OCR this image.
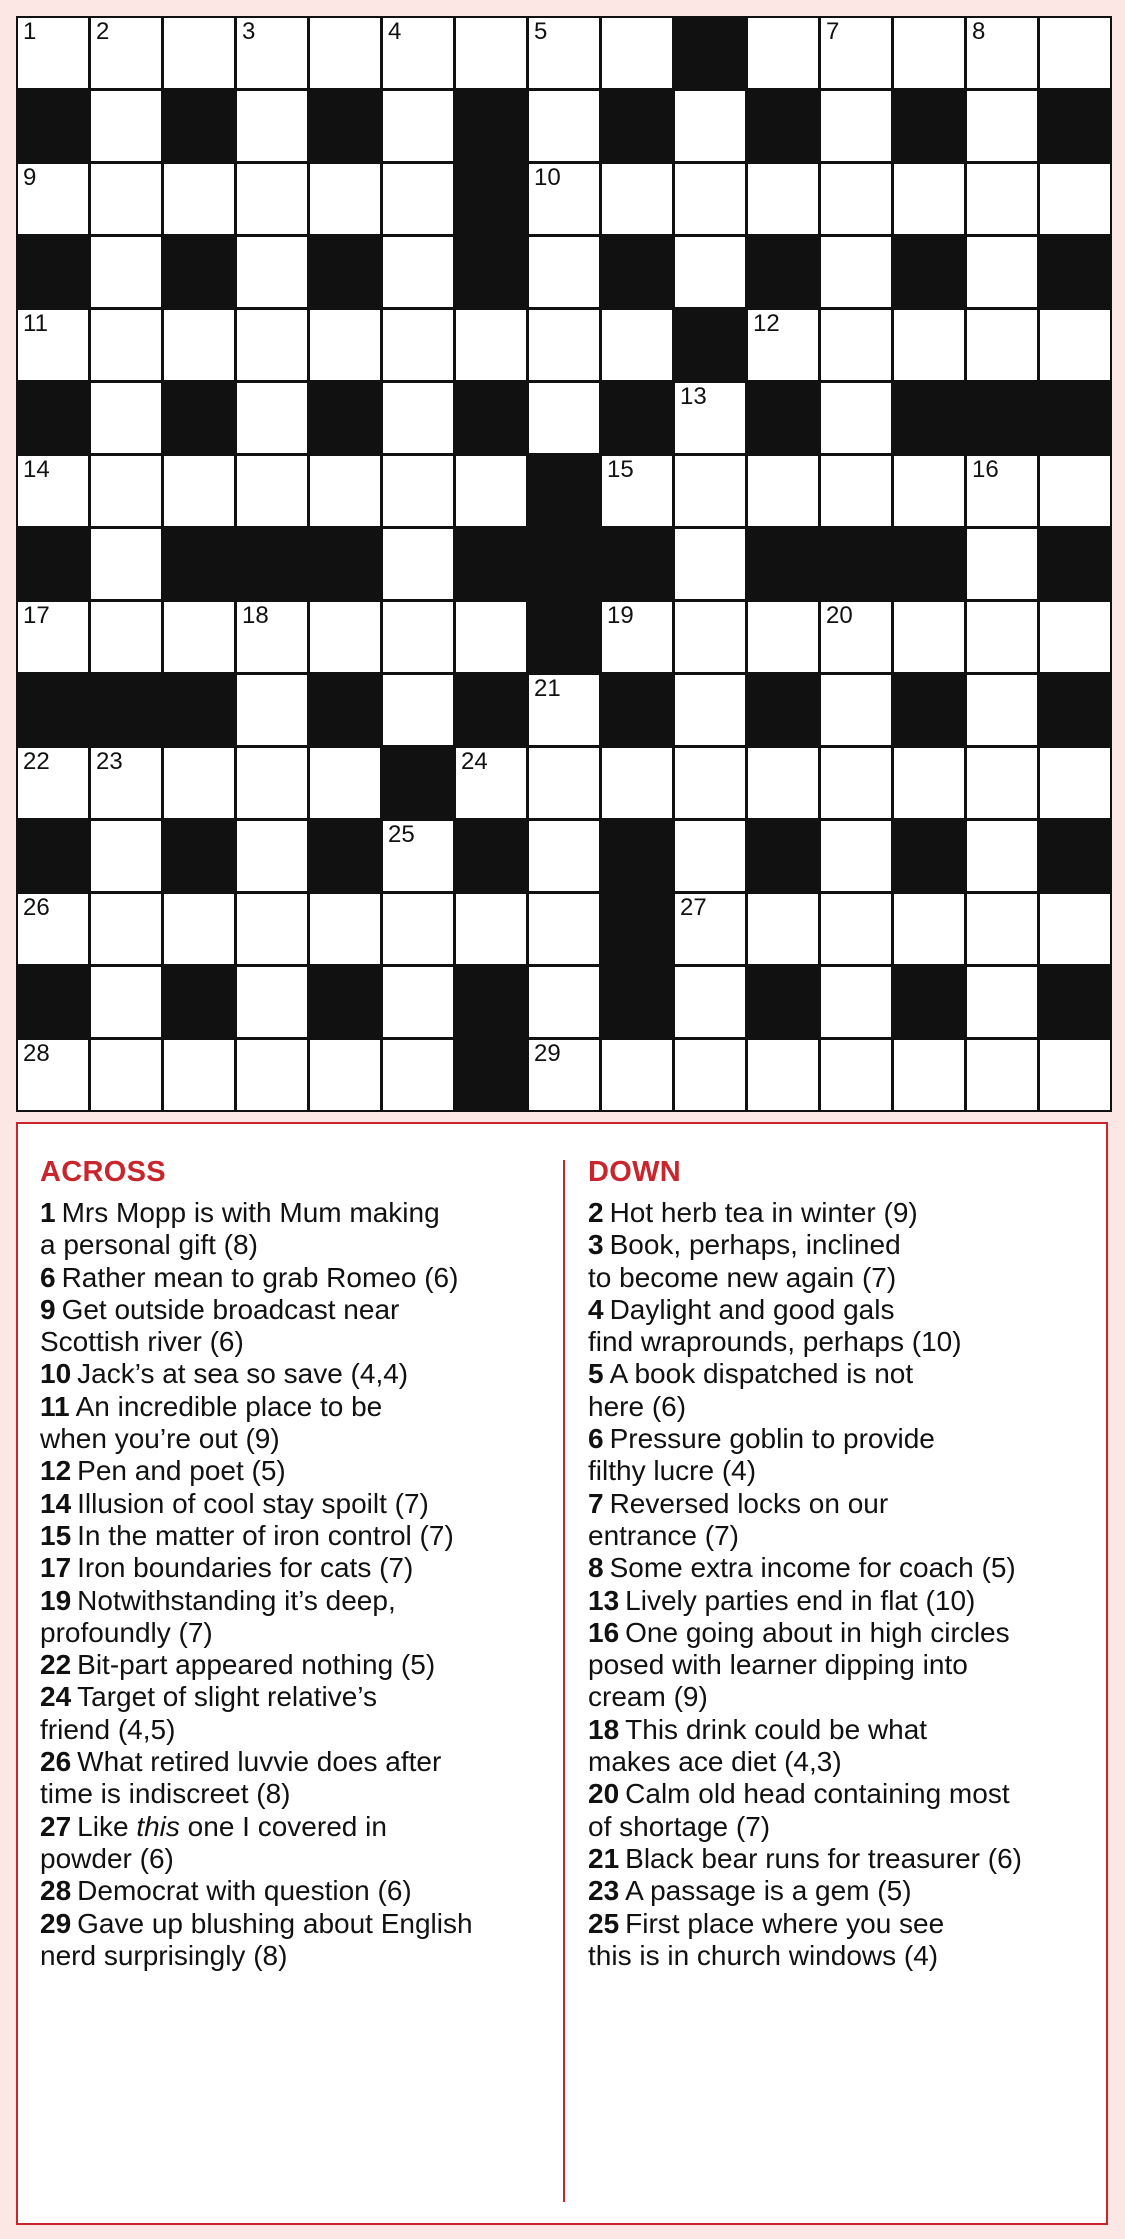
1 2	3	4	5	7	8
9	10
11	12
13
14	15	16
17	18	19	20
21
22 23	24
25
26	27
28	29
ACROSS

1 Mrs Mopp is with Mum making

a personal gift (8)

6 Rather mean to grab Romeo (6)

9 Get outside broadcast near

Scottish river (6)

10 Jack’s at sea so save (4,4)

11 An incredible place to be

when you’re out (9)

12 Pen and poet (5)

14 Illusion of cool stay spoilt (7)

15 In the matter of iron control (7)

17 Iron boundaries for cats (7)

19 Notwithstanding it’s deep,

profoundly (7)

22 Bit-part appeared nothing (5)

24 Target of slight relative’s

friend (4,5)

26 What retired luvvie does after

time is indiscreet (8)

27 Like this one I covered in

powder (6)

28 Democrat with question (6)

29 Gave up blushing about English

nerd surprisingly (8)

DOWN

2 Hot herb tea in winter (9)

3 Book, perhaps, inclined

to become new again (7)

4 Daylight and good gals

find wraprounds, perhaps (10)

5 A book dispatched is not

here (6)

6 Pressure goblin to provide

filthy lucre (4)

7 Reversed locks on our

entrance (7)

8 Some extra income for coach (5)

13 Lively parties end in flat (10)

16 One going about in high circles

posed with learner dipping into

cream (9)

18 This drink could be what

makes ace diet (4,3)

20 Calm old head containing most

of shortage (7)

21 Black bear runs for treasurer (6)

23 A passage is a gem (5)

25 First place where you see

this is in church windows (4)
